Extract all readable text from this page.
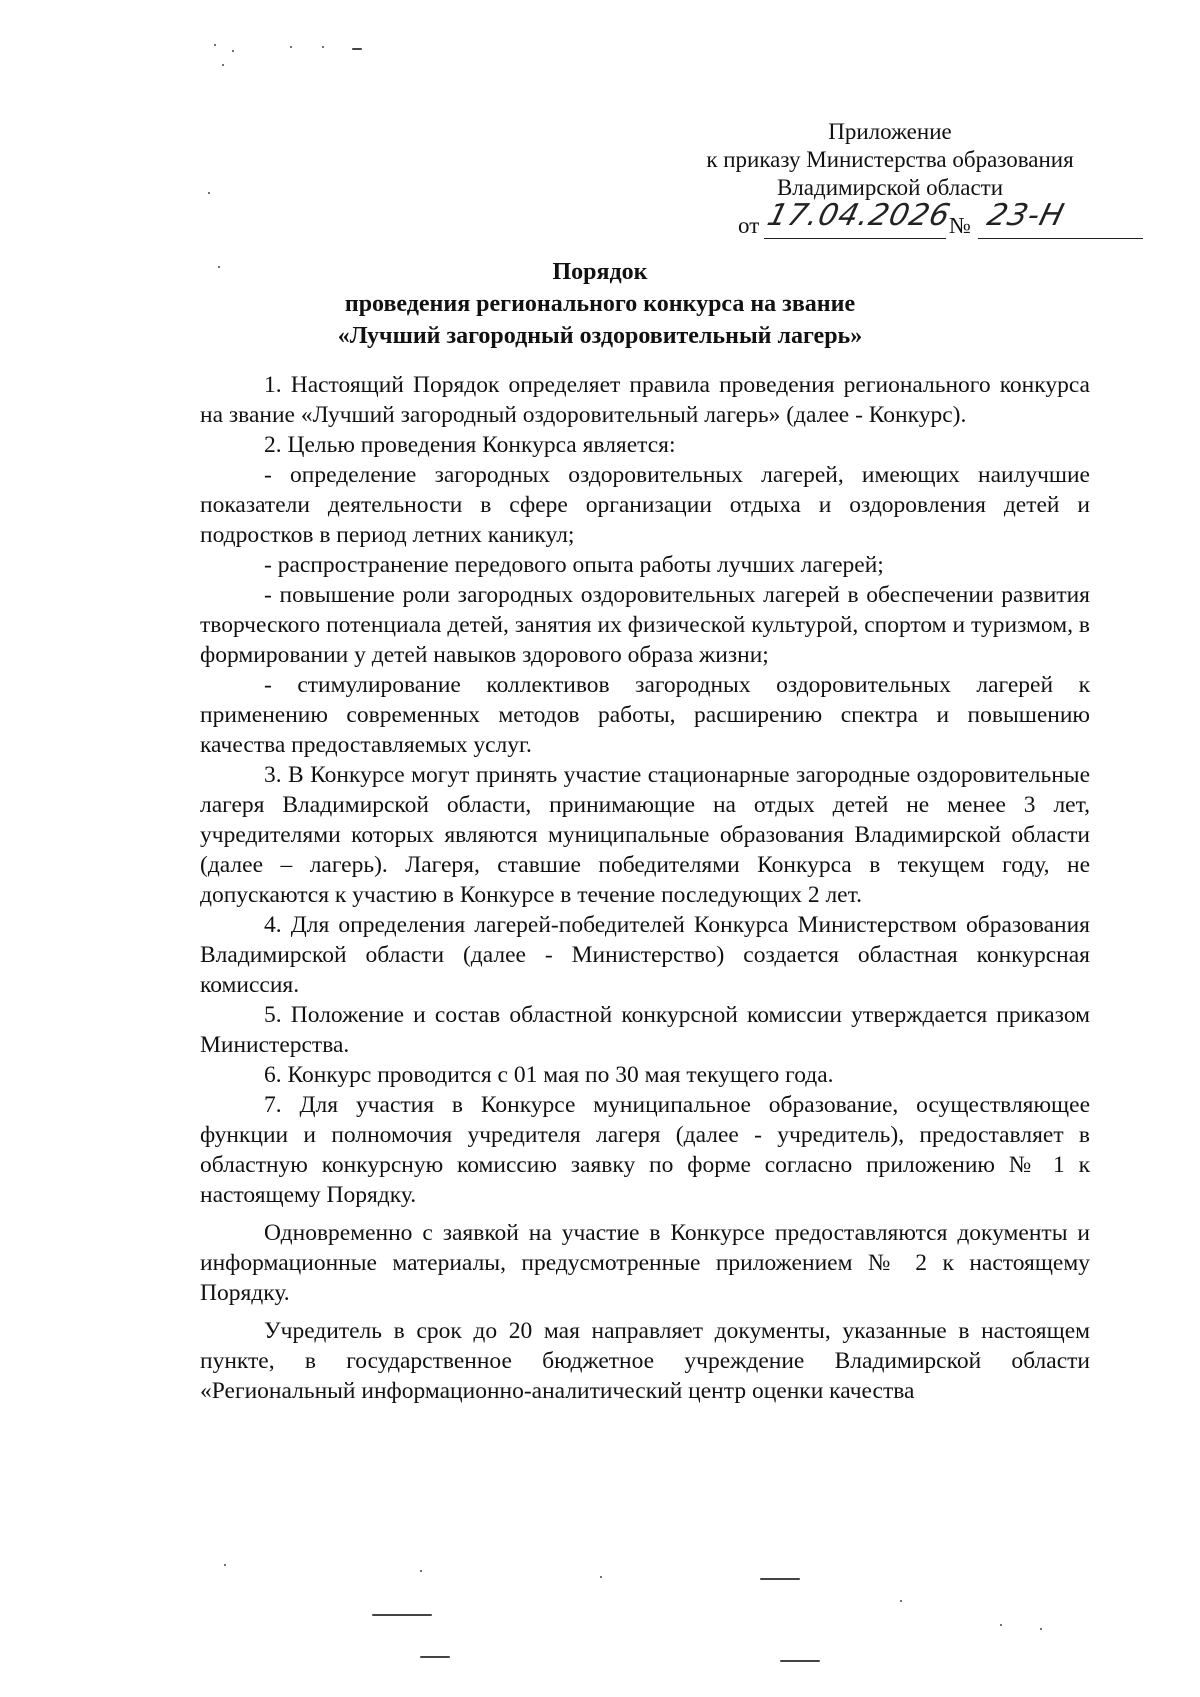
Приложение
к приказу Министерства образования
Владимирской области
от 17.04.2026
№ 23-Н
Порядок
проведения регионального конкурса на звание
«Лучший загородный оздоровительный лагерь»

1. Настоящий Порядок определяет правила проведения регионального конкурса на звание «Лучший загородный оздоровительный лагерь» (далее - Конкурс).

2. Целью проведения Конкурса является:

- определение загородных оздоровительных лагерей, имеющих наилучшие показатели деятельности в сфере организации отдыха и оздоровления детей и подростков в период летних каникул;

- распространение передового опыта работы лучших лагерей;

- повышение роли загородных оздоровительных лагерей в обеспечении развития творческого потенциала детей, занятия их физической культурой, спортом и туризмом, в формировании у детей навыков здорового образа жизни;

- стимулирование коллективов загородных оздоровительных лагерей к применению современных методов работы, расширению спектра и повышению качества предоставляемых услуг.

3. В Конкурсе могут принять участие стационарные загородные оздоровительные лагеря Владимирской области, принимающие на отдых детей не менее 3 лет, учредителями которых являются муниципальные образования Владимирской области (далее – лагерь). Лагеря, ставшие победителями Конкурса в текущем году, не допускаются к участию в Конкурсе в течение последующих 2 лет.

4. Для определения лагерей-победителей Конкурса Министерством образования Владимирской области (далее - Министерство) создается областная конкурсная комиссия.

5. Положение и состав областной конкурсной комиссии утверждается приказом Министерства.

6. Конкурс проводится с 01 мая по 30 мая текущего года.

7. Для участия в Конкурсе муниципальное образование, осуществляющее функции и полномочия учредителя лагеря (далее - учредитель), предоставляет в областную конкурсную комиссию заявку по форме согласно приложению № 1 к настоящему Порядку.

Одновременно с заявкой на участие в Конкурсе предоставляются документы и информационные материалы, предусмотренные приложением № 2 к настоящему Порядку.

Учредитель в срок до 20 мая направляет документы, указанные в настоящем пункте, в государственное бюджетное учреждение Владимирской области «Региональный информационно-аналитический центр оценки качества
